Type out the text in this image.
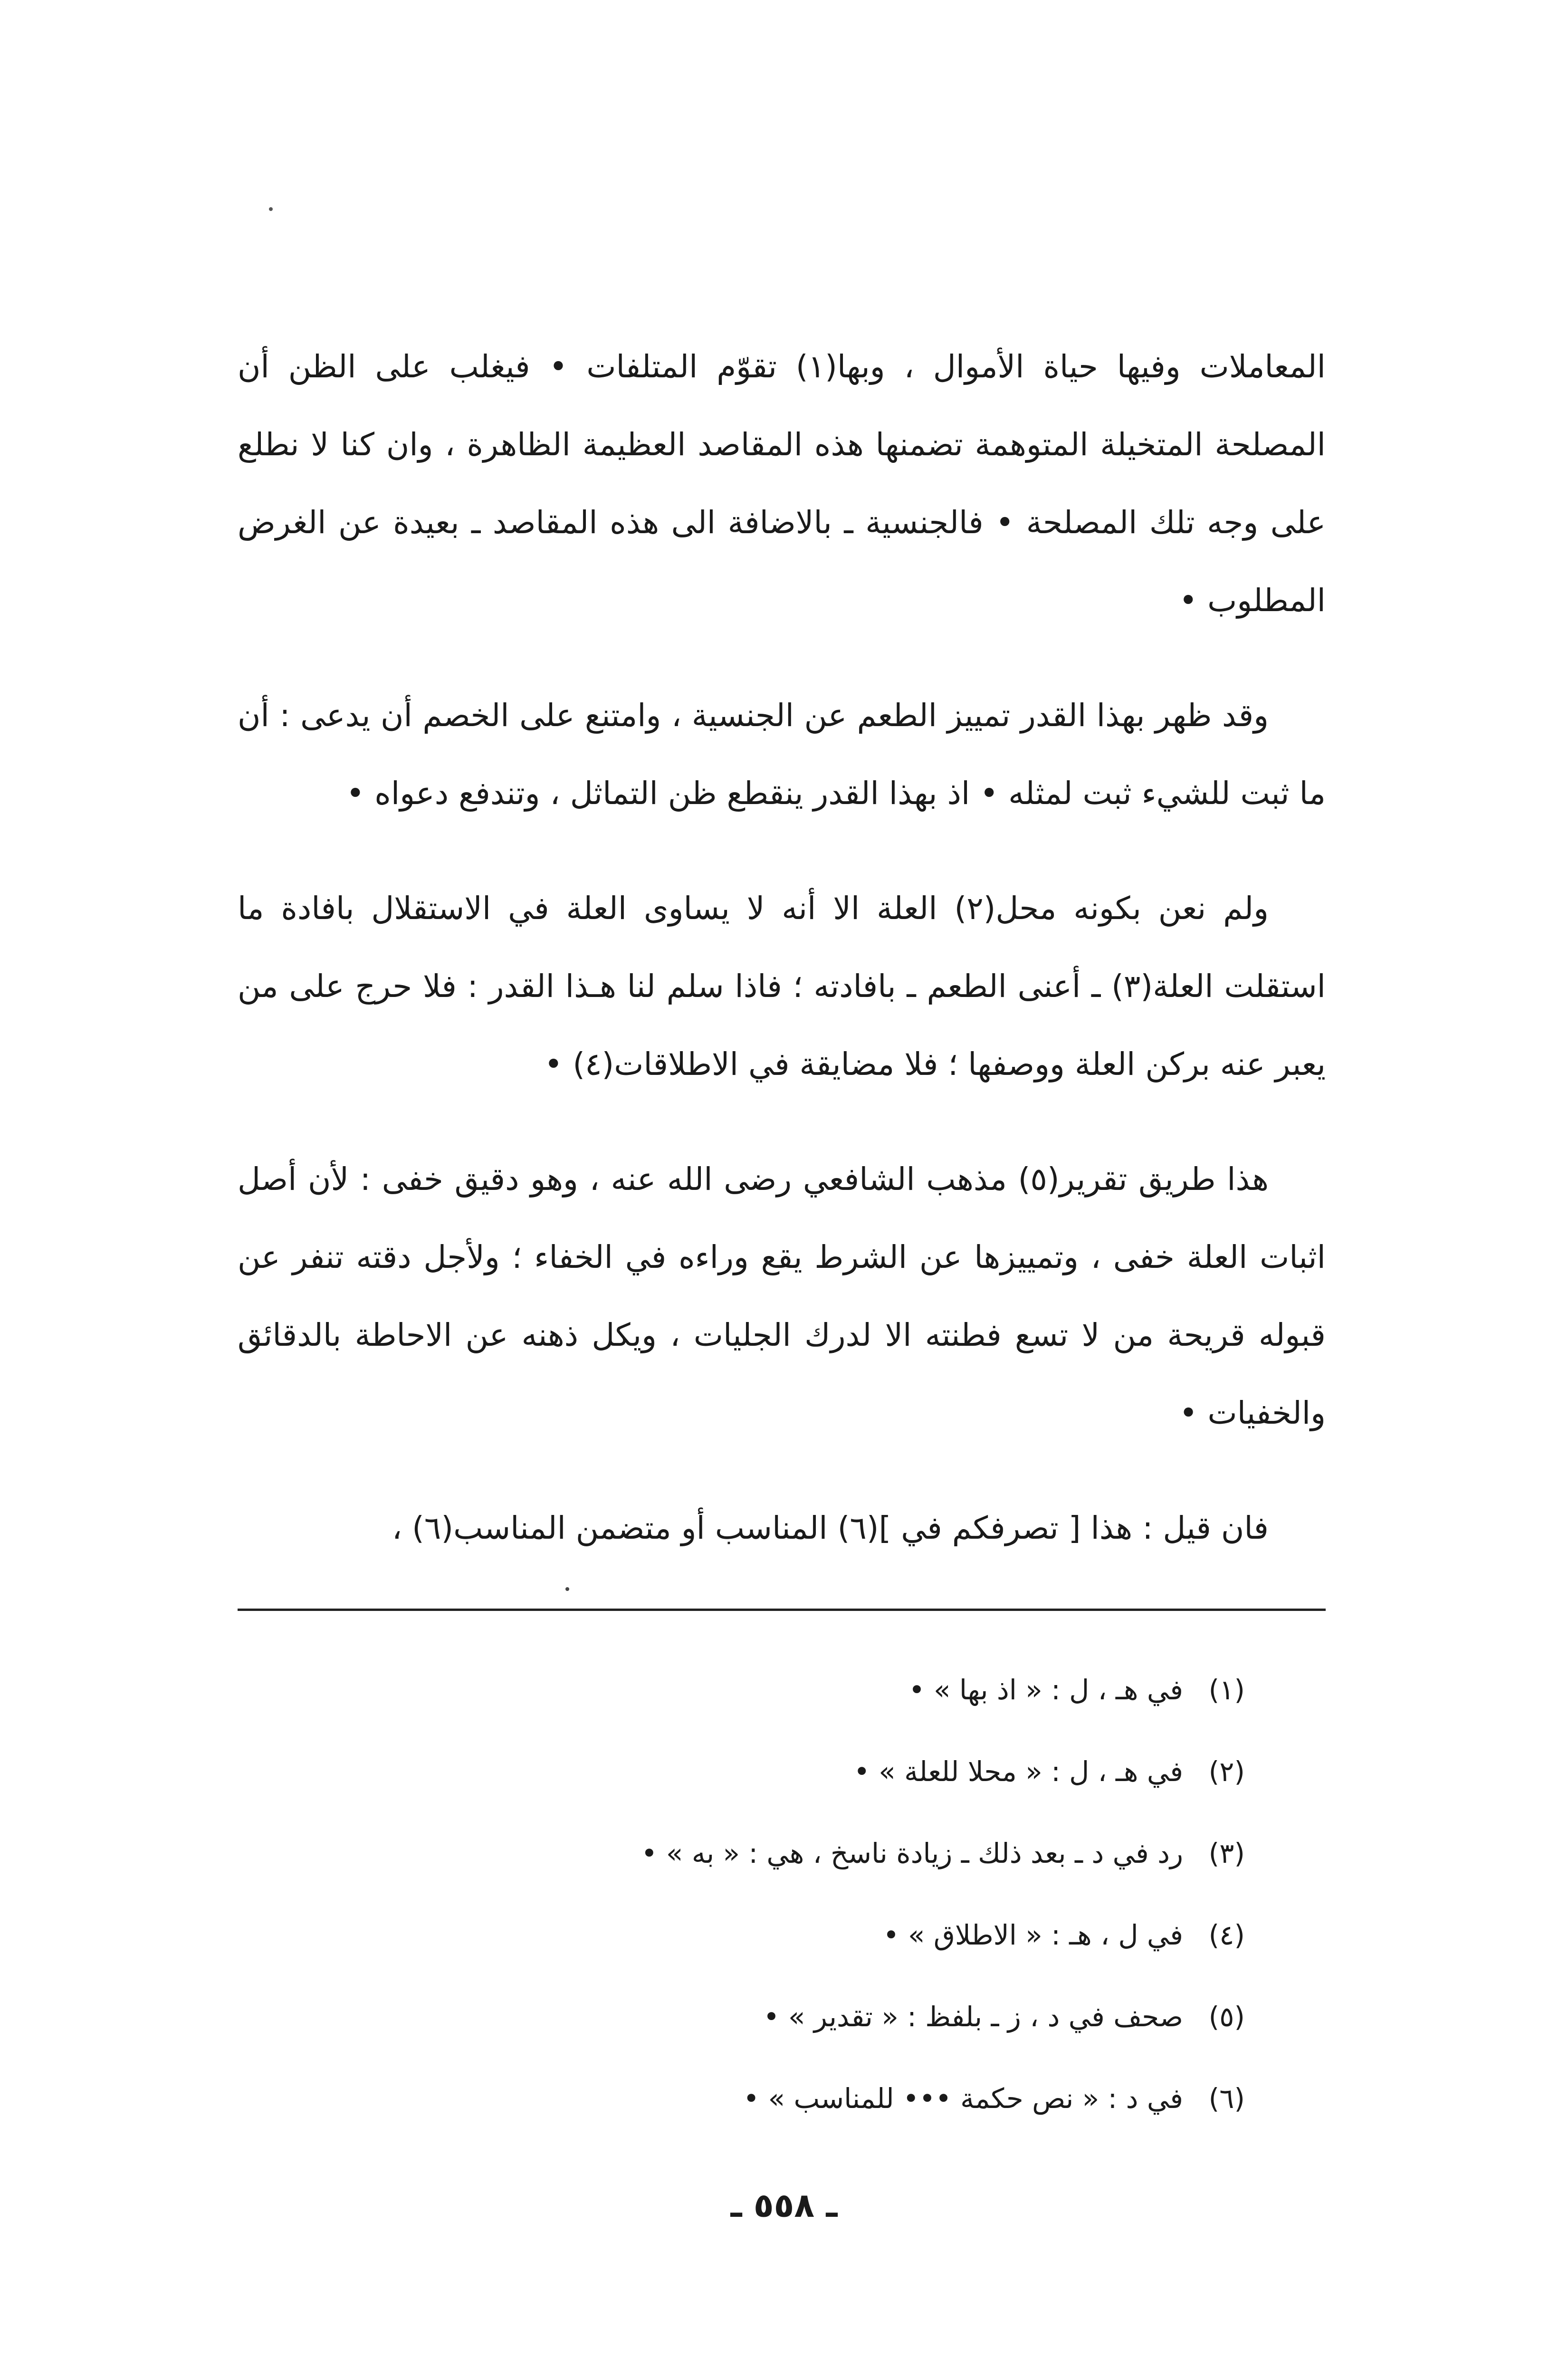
المعاملات وفيها حياة الأموال ، وبها(١) تقوّم المتلفات • فيغلب على الظن أن المصلحة المتخيلة المتوهمة تضمنها هذه المقاصد العظيمة الظاهرة ، وان كنا لا نطلع على وجه تلك المصلحة • فالجنسية ـ بالاضافة الى هذه المقاصد ـ بعيدة عن الغرض المطلوب •

وقد ظهر بهذا القدر تمييز الطعم عن الجنسية ، وامتنع على الخصم أن يدعى : أن ما ثبت للشيء ثبت لمثله • اذ بهذا القدر ينقطع ظن التماثل ، وتندفع دعواه •

ولم نعن بكونه محل(٢) العلة الا أنه لا يساوى العلة في الاستقلال بافادة ما استقلت العلة(٣) ـ أعنى الطعم ـ بافادته ؛ فاذا سلم لنا هـذا القدر : فلا حرج على من يعبر عنه بركن العلة ووصفها ؛ فلا مضايقة في الاطلاقات(٤) •

هذا طريق تقرير(٥) مذهب الشافعي رضى الله عنه ، وهو دقيق خفى : لأن أصل اثبات العلة خفى ، وتمييزها عن الشرط يقع وراءه في الخفاء ؛ ولأجل دقته تنفر عن قبوله قريحة من لا تسع فطنته الا لدرك الجليات ، ويكل ذهنه عن الاحاطة بالدقائق والخفيات •

فان قيل : هذا [ تصرفكم في ](٦) المناسب أو متضمن المناسب(٦) ،

(١)في هـ ، ل : « اذ بها » •
(٢)في هـ ، ل : « محلا للعلة » •
(٣)رد في د ـ بعد ذلك ـ زيادة ناسخ ، هي : « به » •
(٤)في ل ، هـ : « الاطلاق » •
(٥)صحف في د ، ز ـ بلفظ : « تقدير » •
(٦)في د : « نص حكمة ••• للمناسب » •
ـ ٥٥٨ ـ
